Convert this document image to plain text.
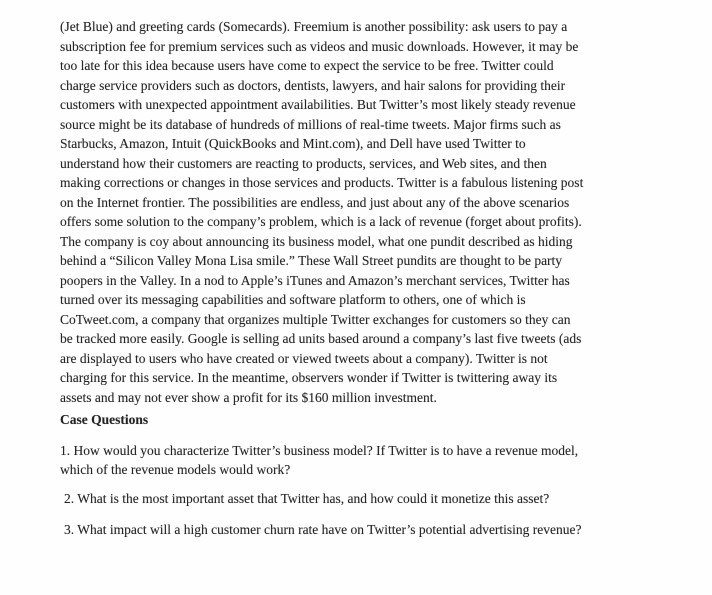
(Jet Blue) and greeting cards (Somecards). Freemium is another possibility: ask users to pay a
subscription fee for premium services such as videos and music downloads. However, it may be
too late for this idea because users have come to expect the service to be free. Twitter could
charge service providers such as doctors, dentists, lawyers, and hair salons for providing their
customers with unexpected appointment availabilities. But Twitter’s most likely steady revenue
source might be its database of hundreds of millions of real-time tweets. Major firms such as
Starbucks, Amazon, Intuit (QuickBooks and Mint.com), and Dell have used Twitter to
understand how their customers are reacting to products, services, and Web sites, and then
making corrections or changes in those services and products. Twitter is a fabulous listening post
on the Internet frontier. The possibilities are endless, and just about any of the above scenarios
offers some solution to the company’s problem, which is a lack of revenue (forget about profits).
The company is coy about announcing its business model, what one pundit described as hiding
behind a “Silicon Valley Mona Lisa smile.” These Wall Street pundits are thought to be party
poopers in the Valley. In a nod to Apple’s iTunes and Amazon’s merchant services, Twitter has
turned over its messaging capabilities and software platform to others, one of which is
CoTweet.com, a company that organizes multiple Twitter exchanges for customers so they can
be tracked more easily. Google is selling ad units based around a company’s last five tweets (ads
are displayed to users who have created or viewed tweets about a company). Twitter is not
charging for this service. In the meantime, observers wonder if Twitter is twittering away its
assets and may not ever show a profit for its $160 million investment.
Case Questions
1. How would you characterize Twitter’s business model? If Twitter is to have a revenue model,
which of the revenue models would work?
2. What is the most important asset that Twitter has, and how could it monetize this asset?
3. What impact will a high customer churn rate have on Twitter’s potential advertising revenue?
